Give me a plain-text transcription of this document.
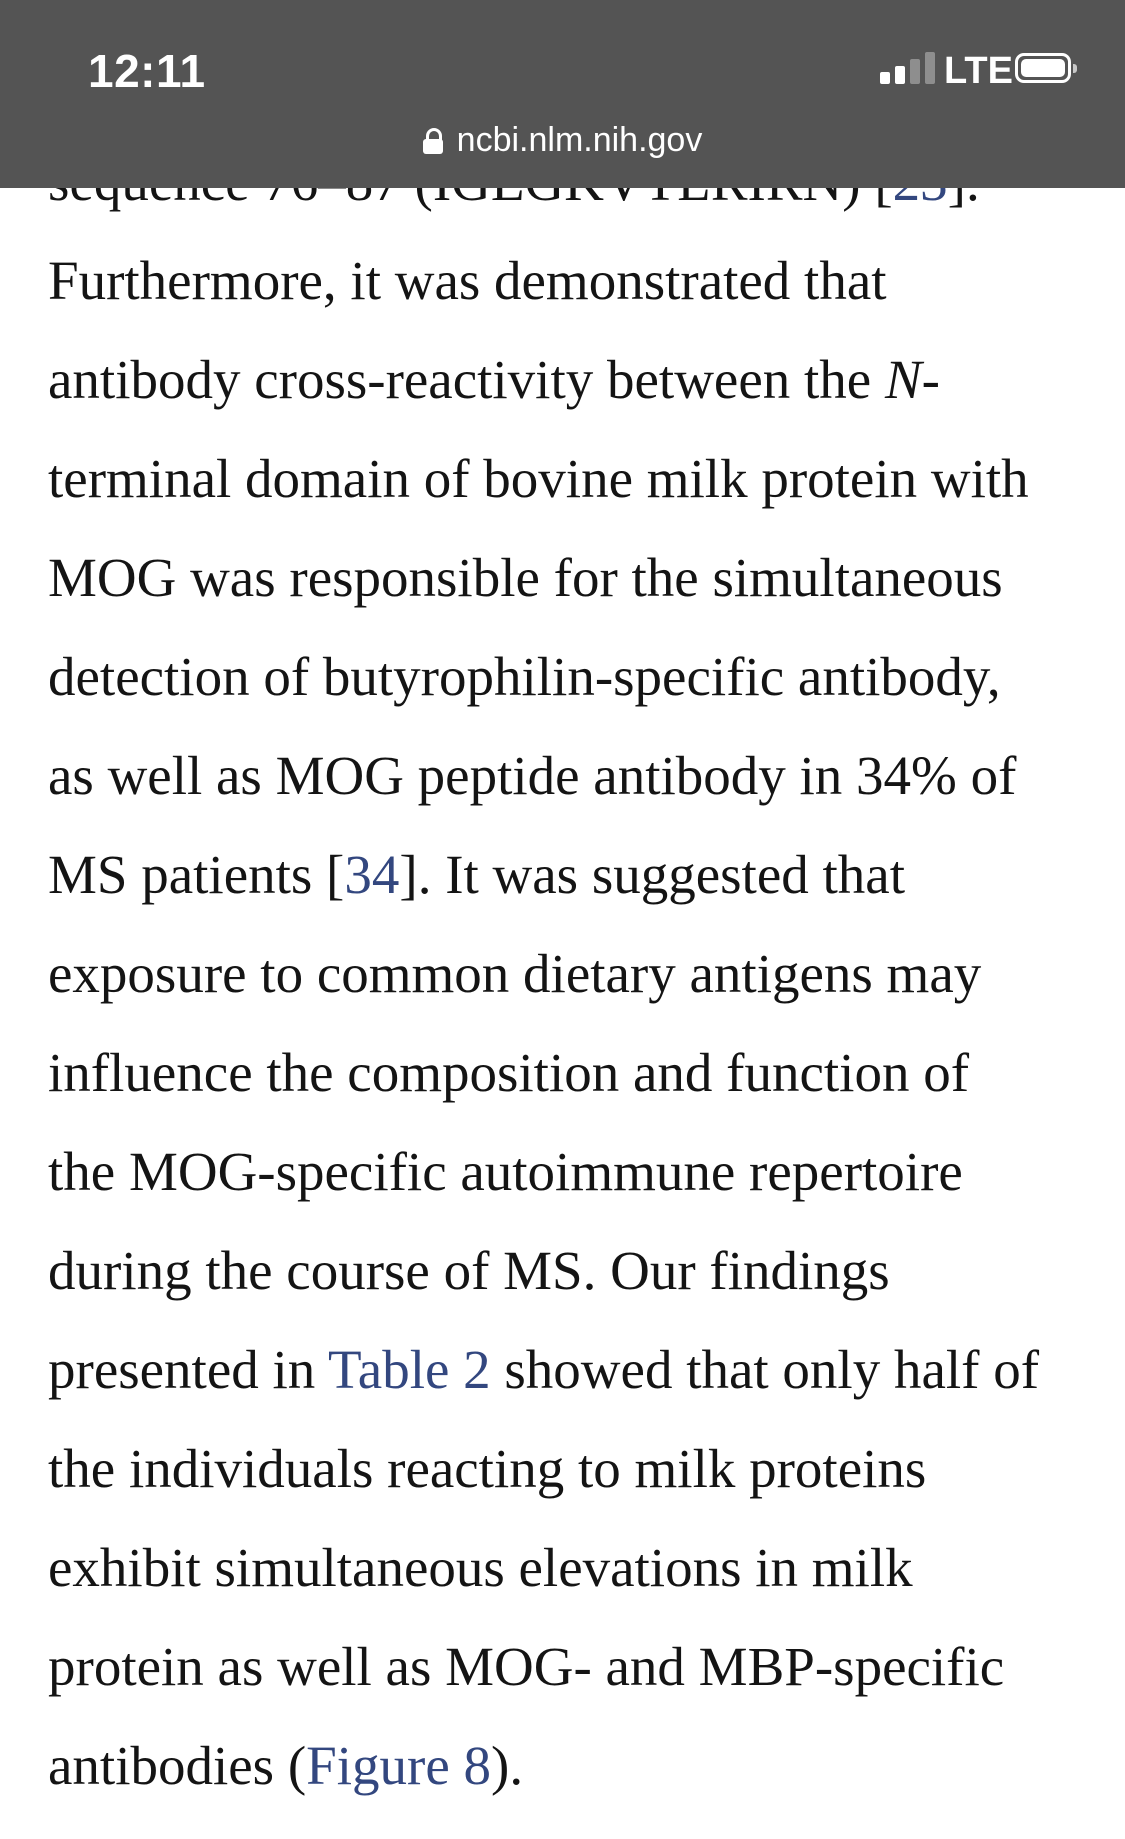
Furthermore, it was demonstrated that
antibody cross-reactivity between the N-
terminal domain of bovine milk protein with
MOG was responsible for the simultaneous
detection of butyrophilin-specific antibody,
as well as MOG peptide antibody in 34% of
MS patients [34]. It was suggested that
exposure to common dietary antigens may
influence the composition and function of
the MOG-specific autoimmune repertoire
during the course of MS. Our findings
presented in Table 2 showed that only half of
the individuals reacting to milk proteins
exhibit simultaneous elevations in milk
protein as well as MOG- and MBP-specific
antibodies (Figure 8).
12:11	LTE
ncbi.nlm.nih.gov
